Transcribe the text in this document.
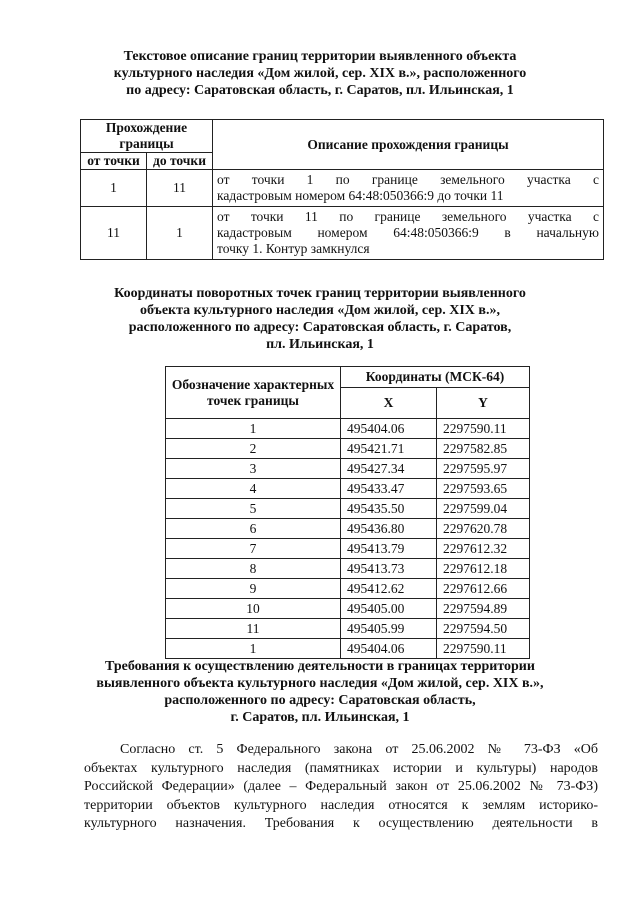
Текстовое описание границ территории выявленного объекта
культурного наследия «Дом жилой, сер. XIX в.», расположенного
по адресу: Саратовская область, г. Саратов, пл. Ильинская, 1
Прохождение границы		Описание прохождения границы
от точки	до точки	
1	11	от точки 1 по границе земельного участка с
кадастровым номером 64:48:050366:9 до точки 11

11	1	от точки 11 по границе земельного участка с
кадастровым номером 64:48:050366:9 в начальную
точку 1. Контур замкнулся
Координаты поворотных точек границ территории выявленного
объекта культурного наследия «Дом жилой, сер. XIX в.»,
расположенного по адресу: Саратовская область, г. Саратов,
пл. Ильинская, 1
Обозначение характерных точек границы	Координаты (МСК-64)	
	X	Y
1	495404.06	2297590.11
2	495421.71	2297582.85
3	495427.34	2297595.97
4	495433.47	2297593.65
5	495435.50	2297599.04
6	495436.80	2297620.78
7	495413.79	2297612.32
8	495413.73	2297612.18
9	495412.62	2297612.66
10	495405.00	2297594.89
11	495405.99	2297594.50
1	495404.06	2297590.11
Требования к осуществлению деятельности в границах территории
выявленного объекта культурного наследия «Дом жилой, сер. XIX в.»,
расположенного по адресу: Саратовская область,
г. Саратов, пл. Ильинская, 1
Согласно ст. 5 Федерального закона от 25.06.2002 № 73-ФЗ «Об
объектах культурного наследия (памятниках истории и культуры) народов
Российской Федерации» (далее – Федеральный закон от 25.06.2002 № 73-ФЗ)
территории объектов культурного наследия относятся к землям историко-
культурного назначения. Требования к осуществлению деятельности в
